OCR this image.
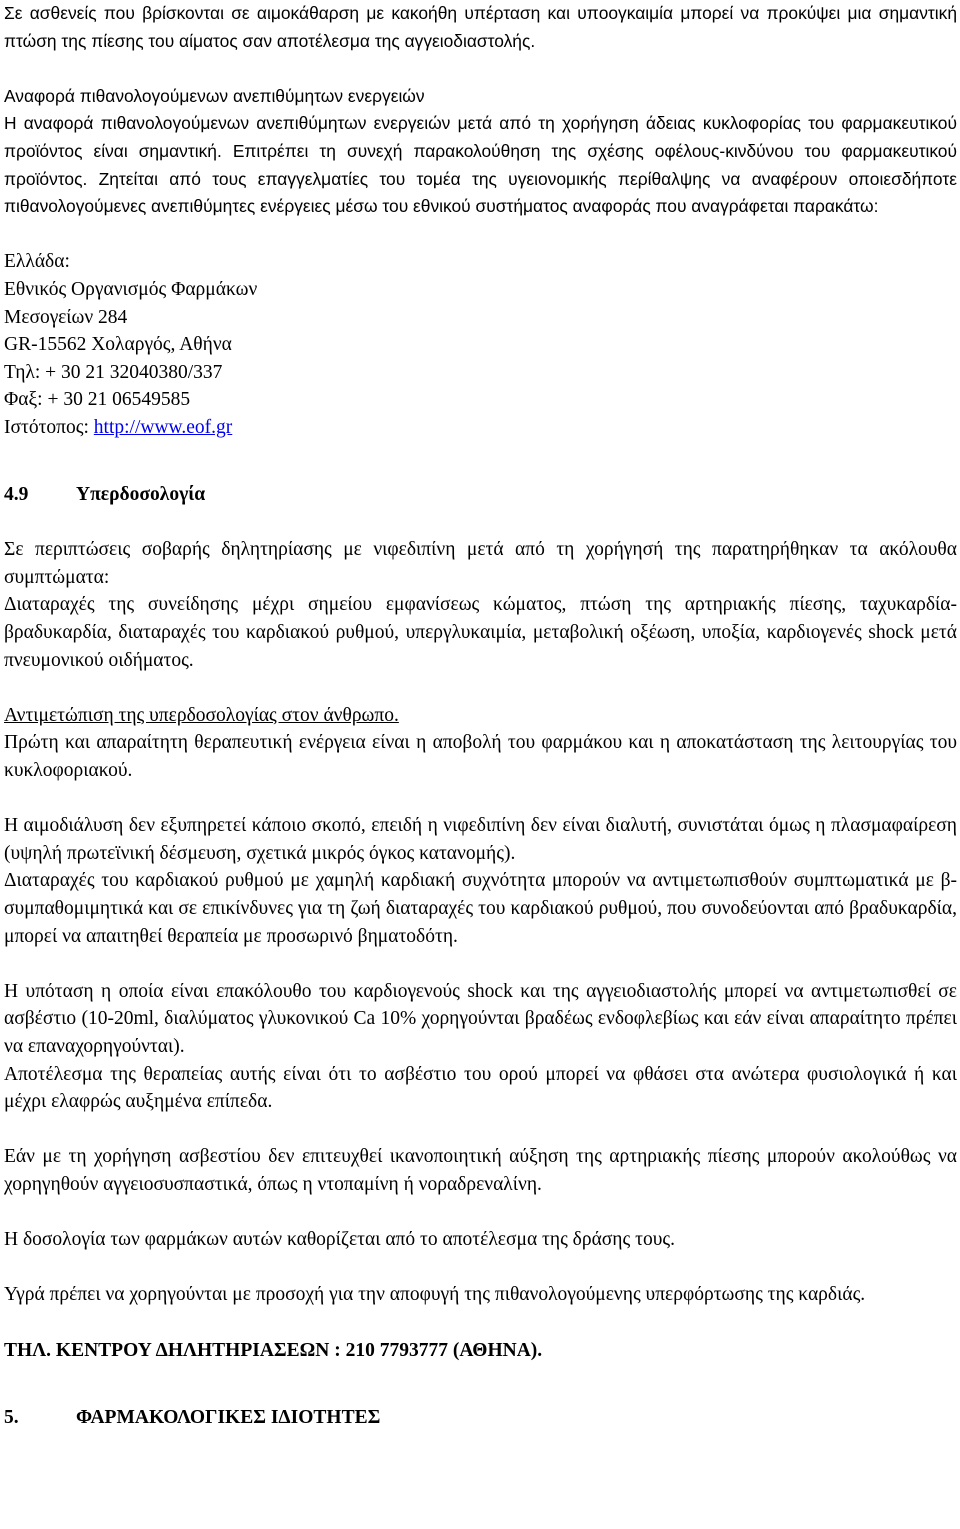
Σε ασθενείς που βρίσκονται σε αιμοκάθαρση με κακοήθη υπέρταση και υπoογκαιμία μπορεί να προκύψει μια σημαντική πτώση της πίεσης του αίματος σαν αποτέλεσμα της αγγειοδιαστολής.

Αναφορά πιθανολογούμενων ανεπιθύμητων ενεργειών

Η αναφορά πιθανολογούμενων ανεπιθύμητων ενεργειών μετά από τη χορήγηση άδειας κυκλοφορίας του φαρμακευτικού προϊόντος είναι σημαντική. Επιτρέπει τη συνεχή παρακολούθηση της σχέσης οφέλους-κινδύνου του φαρμακευτικού προϊόντος. Ζητείται από τους επαγγελματίες του τομέα της υγειονομικής περίθαλψης να αναφέρουν οποιεσδήποτε πιθανολογούμενες ανεπιθύμητες ενέργειες μέσω του εθνικού συστήματος αναφοράς που αναγράφεται παρακάτω:

Ελλάδα:

Εθνικός Οργανισμός Φαρμάκων

Μεσογείων 284

GR-15562 Χολαργός, Αθήνα

Τηλ: + 30 21 32040380/337

Φαξ: + 30 21 06549585

Ιστότοπος: http://www.eof.gr

4.9 Υπερδοσολογία

Σε περιπτώσεις σοβαρής δηλητηρίασης με νιφεδιπίνη μετά από τη χορήγησή της παρατηρήθηκαν τα ακόλουθα συμπτώματα:

Διαταραχές της συνείδησης μέχρι σημείου εμφανίσεως κώματος, πτώση της αρτηριακής πίεσης, ταχυκαρδία- βραδυκαρδία, διαταραχές του καρδιακού ρυθμού, υπεργλυκαιμία, μεταβολική οξέωση, υποξία, καρδιογενές shock μετά πνευμονικού οιδήματος.

Αντιμετώπιση της υπερδοσολογίας στον άνθρωπο.

Πρώτη και απαραίτητη θεραπευτική ενέργεια είναι η αποβολή του φαρμάκου και η αποκατάσταση της λειτουργίας του κυκλοφοριακού.

Η αιμοδιάλυση δεν εξυπηρετεί κάποιο σκοπό, επειδή η νιφεδιπίνη δεν είναι διαλυτή, συνιστάται όμως η πλασμαφαίρεση (υψηλή πρωτεϊνική δέσμευση, σχετικά μικρός όγκος κατανομής).

Διαταραχές του καρδιακού ρυθμού με χαμηλή καρδιακή συχνότητα μπορούν να αντιμετωπισθούν συμπτωματικά με β- συμπαθομιμητικά και σε επικίνδυνες για τη ζωή διαταραχές του καρδιακού ρυθμού, που συνοδεύονται από βραδυκαρδία, μπορεί να απαιτηθεί θεραπεία με προσωρινό βηματοδότη.

Η υπόταση η οποία είναι επακόλουθο του καρδιογενούς shock και της αγγειοδιαστολής μπορεί να αντιμετωπισθεί σε ασβέστιο (10-20ml, διαλύματος γλυκονικού Ca 10% χορηγούνται βραδέως ενδοφλεβίως και εάν είναι απαραίτητο πρέπει να επαναχορηγούνται).

Αποτέλεσμα της θεραπείας αυτής είναι ότι το ασβέστιο του ορού μπορεί να φθάσει στα ανώτερα φυσιολογικά ή και μέχρι ελαφρώς αυξημένα επίπεδα.

Εάν με τη χορήγηση ασβεστίου δεν επιτευχθεί ικανοποιητική αύξηση της αρτηριακής πίεσης μπορούν ακολούθως να χορηγηθούν αγγειοσυσπαστικά, όπως η ντοπαμίνη ή νοραδρεναλίνη.

Η δοσολογία των φαρμάκων αυτών καθορίζεται από το αποτέλεσμα της δράσης τους.

Υγρά πρέπει να χορηγούνται με προσοχή για την αποφυγή της πιθανολογούμενης υπερφόρτωσης της καρδιάς.

ΤΗΛ. ΚΕΝΤΡΟΥ ΔΗΛΗΤΗΡΙΑΣΕΩΝ : 210 7793777 (ΑΘΗΝΑ).

5.	ΦΑΡΜΑΚΟΛΟΓΙΚΕΣ ΙΔΙΟΤΗΤΕΣ
